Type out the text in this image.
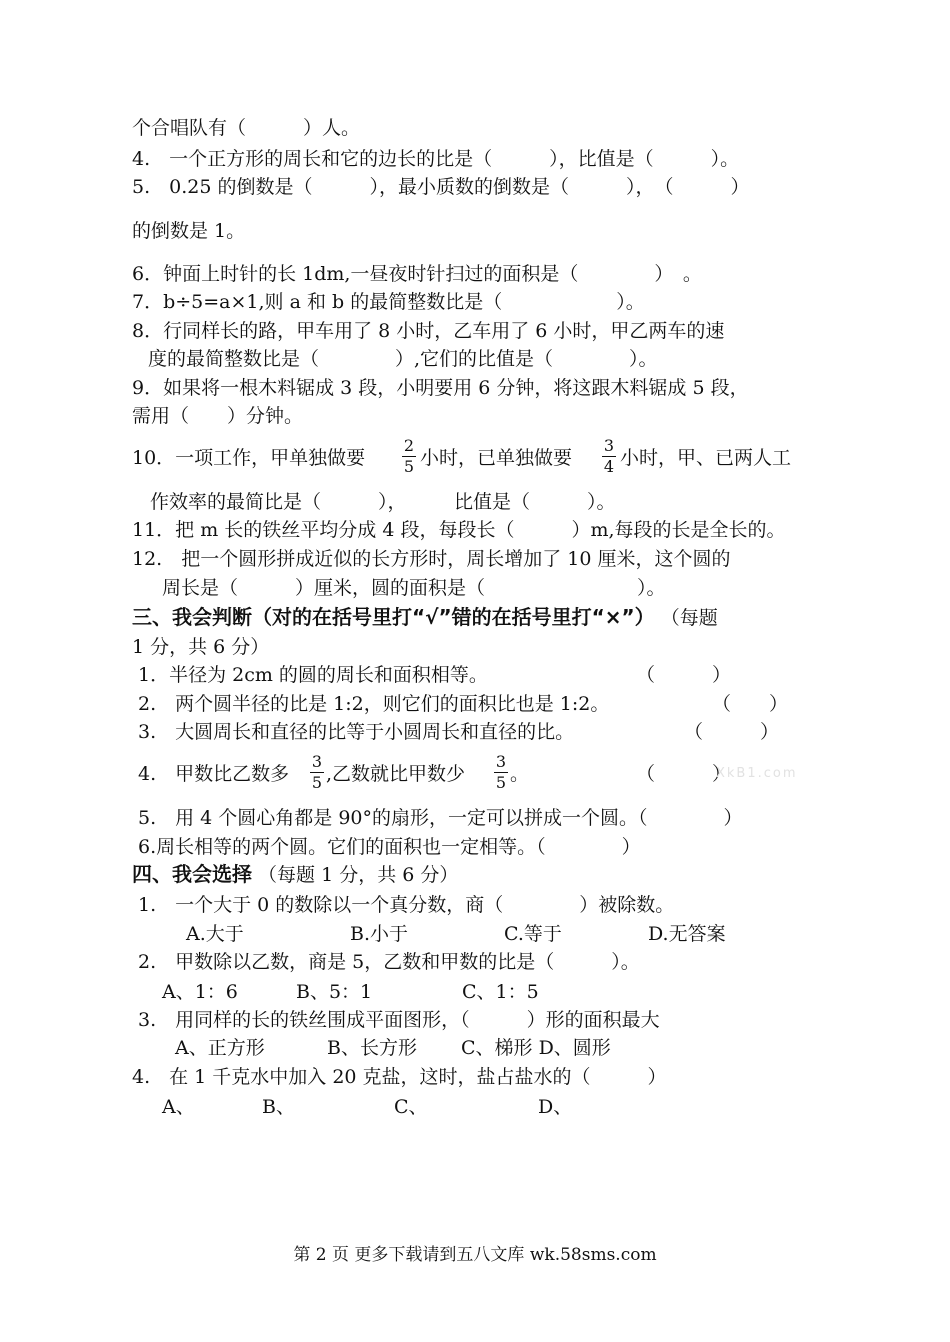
个合唱队有（　　　）人。
4.　一个正方形的周长和它的边长的比是（　　　），比值是（　　　）。
5.　0.25 的倒数是（　　　），最小质数的倒数是（　　　），　（　　　）
的倒数是 1。
6．钟面上时针的长 1dm,一昼夜时针扫过的面积是（　　　　）　。
7．b÷5=a×1,则 a 和 b 的最简整数比是（　　　　　　）。
8．行同样长的路，甲车用了 8 小时，乙车用了 6 小时，甲乙两车的速
度的最简整数比是（　　　　）,它们的比值是（　　　　）。
9．如果将一根木料锯成 3 段，小明要用 6 分钟，将这跟木料锯成 5 段，
需用（　　）分钟。
10．一项工作，甲单独做要
2
5 小时，已单独做要
3
4 小时，甲、已两人工
作效率的最简比是（　　　），　　　比值是（　　　）。
11．把 m 长的铁丝平均分成 4 段，每段长（　　　）m,每段的长是全长的。
12.　把一个圆形拼成近似的长方形时，周长增加了 10 厘米，这个圆的
周长是（　　　）厘米，圆的面积是（　　　　　　　　）。
三、我会判断（对的在括号里打“√”错的在括号里打“×”） （每题
1 分，共 6 分）
1．半径为 2cm 的圆的周长和面积相等。	（　　　）
2.　两个圆半径的比是 1:2，则它们的面积比也是 1:2。	（　　）
3.　大圆周长和直径的比等于小圆周长和直径的比。	（　　　）
4.　甲数比乙数多
3
5 ,乙数就比甲数少
3
5 。	（　　　）
XkB1.com
5.　用 4 个圆心角都是 90°的扇形，一定可以拼成一个圆。（　　　　）
6.周长相等的两个圆。它们的面积也一定相等。（　　　　）
四、我会选择 （每题 1 分，共 6 分）
1.　一个大于 0 的数除以一个真分数，商（　　　　）被除数。
A.大于	B.小于	C.等于	D.无答案
2.　甲数除以乙数，商是 5，乙数和甲数的比是（　　　）。
A、1：6	B、5：1	C、1：5
3.　用同样的长的铁丝围成平面图形，（　　　）形的面积最大
A、正方形	B、长方形 C、梯形 D、圆形
4.　在 1 千克水中加入 20 克盐，这时，盐占盐水的（　　　）
A、	B、	C、	D、
第 2 页 更多下载请到五八文库 wk.58sms.com
